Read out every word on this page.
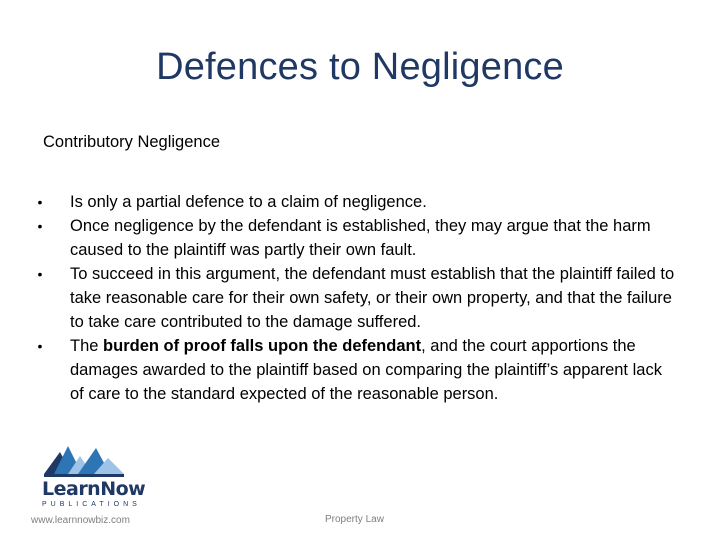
Defences to Negligence
Contributory Negligence
•	Is only a partial defence to a claim of negligence.
•	Once negligence by the defendant is established, they may argue that the harm caused to the plaintiff was partly their own fault.
•	To succeed in this argument, the defendant must establish that the plaintiff failed to take reasonable care for their own safety, or their own property, and that the failure to take care contributed to the damage suffered.
•	The burden of proof falls upon the defendant, and the court apportions the damages awarded to the plaintiff based on comparing the plaintiff’s apparent lack of care to the standard expected of the reasonable person.
LearnNow
PUBLICATIONS
www.learnnowbiz.com	Property Law
